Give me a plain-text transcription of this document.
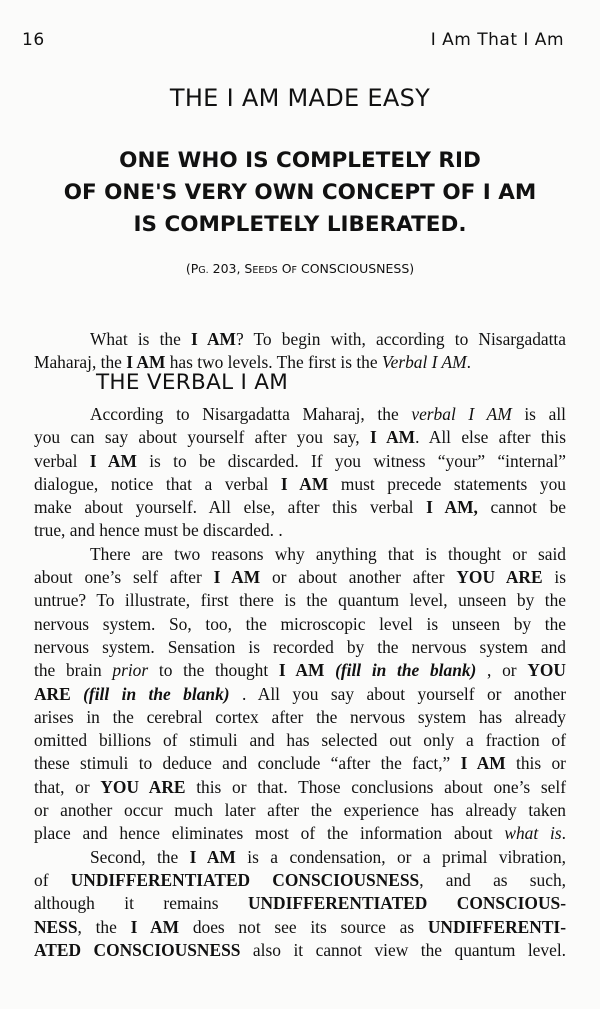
16	I Am That I Am
THE I AM MADE EASY
ONE WHO IS COMPLETELY RID
OF ONE'S VERY OWN CONCEPT OF I AM
IS COMPLETELY LIBERATED.
(PG. 203, SEEDS OF CONSCIOUSNESS)
What is the I AM? To begin with, according to Nisargadatta
Maharaj, the I AM has two levels. The first is the Verbal I AM.
THE VERBAL I AM
According to Nisargadatta Maharaj, the verbal I AM is all
you can say about yourself after you say, I AM. All else after this
verbal I AM is to be discarded. If you witness “your” “internal”
dialogue, notice that a verbal I AM must precede statements you
make about yourself. All else, after this verbal I AM, cannot be
true, and hence must be discarded. .
There are two reasons why anything that is thought or said
about one’s self after I AM or about another after YOU ARE is
untrue? To illustrate, first there is the quantum level, unseen by the
nervous system. So, too, the microscopic level is unseen by the
nervous system. Sensation is recorded by the nervous system and
the brain prior to the thought I AM (fill in the blank) , or YOU
ARE (fill in the blank) . All you say about yourself or another
arises in the cerebral cortex after the nervous system has already
omitted billions of stimuli and has selected out only a fraction of
these stimuli to deduce and conclude “after the fact,” I AM this or
that, or YOU ARE this or that. Those conclusions about one’s self
or another occur much later after the experience has already taken
place and hence eliminates most of the information about what is.
Second, the I AM is a condensation, or a primal vibration,
of UNDIFFERENTIATED CONSCIOUSNESS, and as such,
although it remains UNDIFFERENTIATED CONSCIOUS-
NESS, the I AM does not see its source as UNDIFFERENTI-
ATED CONSCIOUSNESS also it cannot view the quantum level.
